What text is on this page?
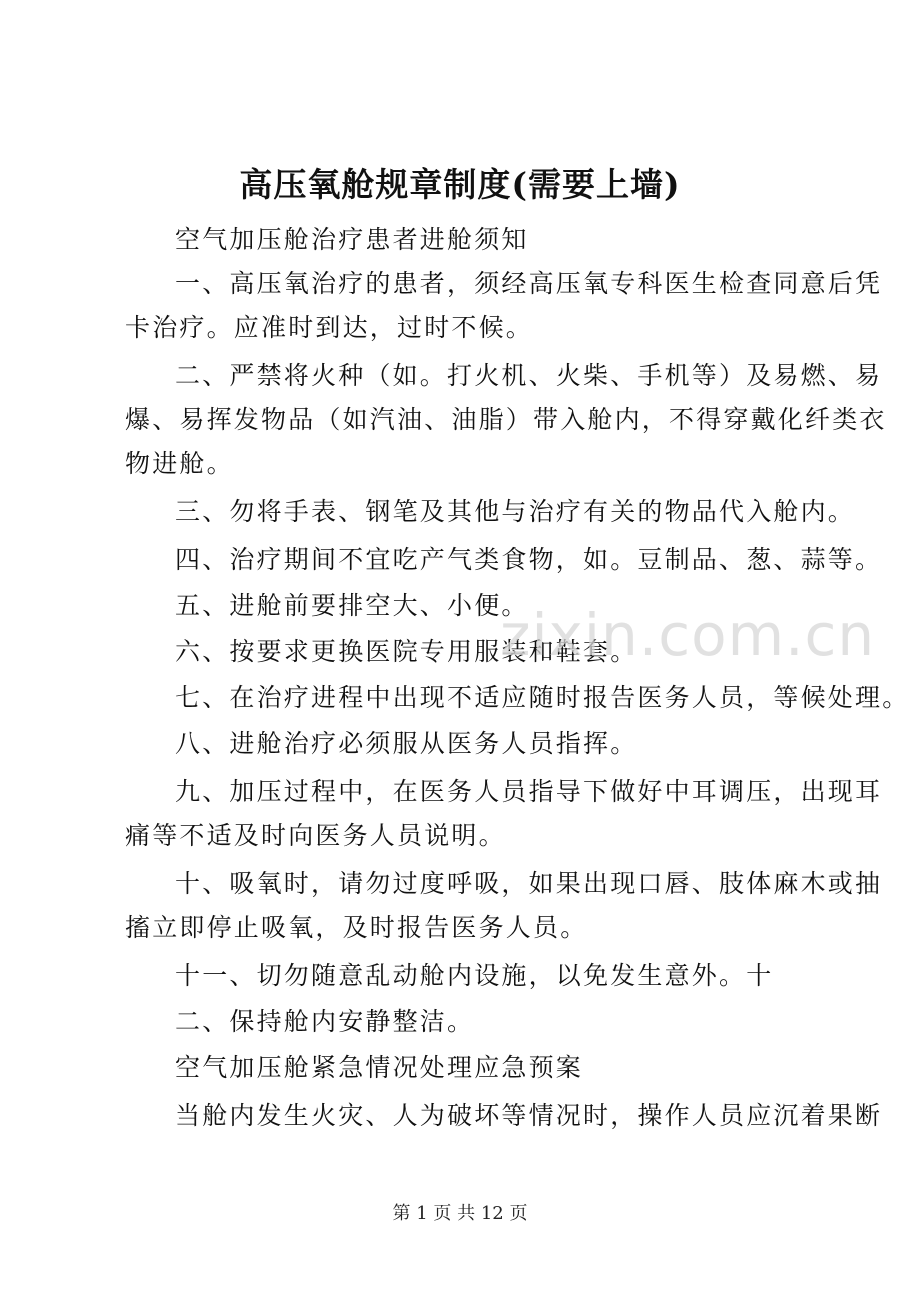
高压氧舱规章制度(需要上墙)
空气加压舱治疗患者进舱须知
一、高压氧治疗的患者，须经高压氧专科医生检查同意后凭
卡治疗。应准时到达，过时不候。
二、严禁将火种（如。打火机、火柴、手机等）及易燃、易
爆、易挥发物品（如汽油、油脂）带入舱内，不得穿戴化纤类衣
物进舱。
三、勿将手表、钢笔及其他与治疗有关的物品代入舱内。
四、治疗期间不宜吃产气类食物，如。豆制品、葱、蒜等。
五、进舱前要排空大、小便。
六、按要求更换医院专用服装和鞋套。
七、在治疗进程中出现不适应随时报告医务人员，等候处理。
八、进舱治疗必须服从医务人员指挥。
九、加压过程中，在医务人员指导下做好中耳调压，出现耳
痛等不适及时向医务人员说明。
十、吸氧时，请勿过度呼吸，如果出现口唇、肢体麻木或抽
搐立即停止吸氧，及时报告医务人员。
十一、切勿随意乱动舱内设施，以免发生意外。十
二、保持舱内安静整洁。
空气加压舱紧急情况处理应急预案
当舱内发生火灾、人为破坏等情况时，操作人员应沉着果断
zixin.com.cn
第 1 页 共 12 页
